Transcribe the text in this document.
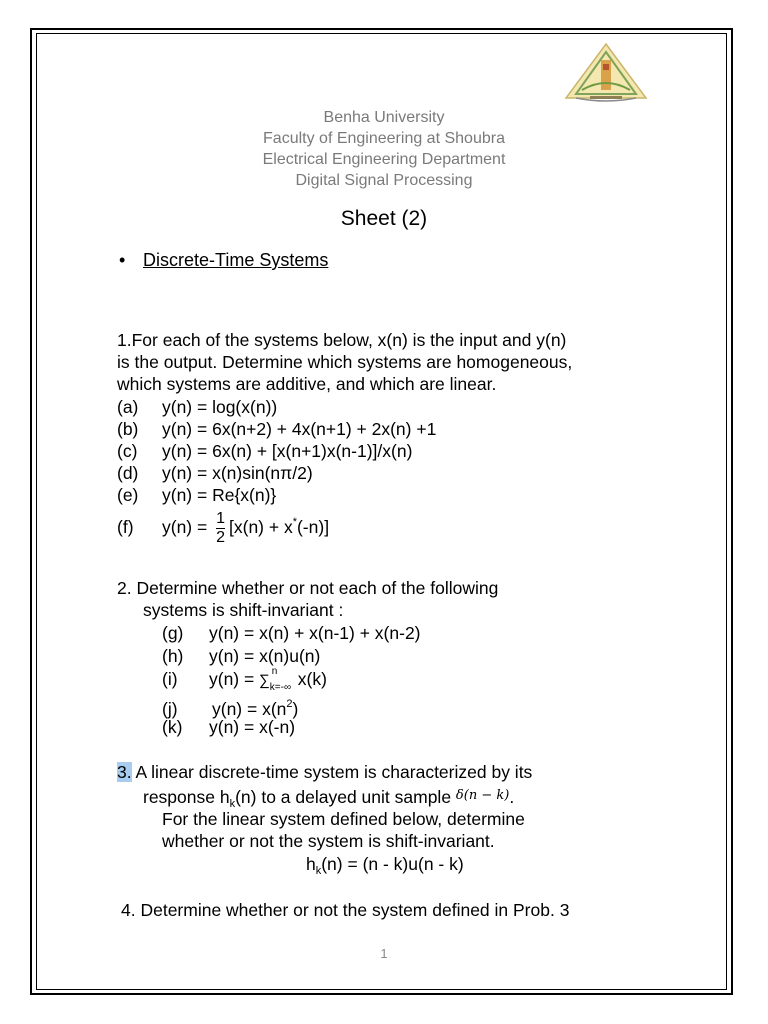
Benha University
Faculty of Engineering at Shoubra
Electrical Engineering Department
Digital Signal Processing
Sheet (2)
• Discrete-Time Systems
1.For each of the systems below, x(n) is the input and y(n)
is the output. Determine which systems are homogeneous,
which systems are additive, and which are linear.
(a) y(n) = log(x(n))
(b) y(n) = 6x(n+2) + 4x(n+1) + 2x(n) +1
(c) y(n) = 6x(n) + [x(n+1)x(n-1)]/x(n)
(d) y(n) = x(n)sin(nπ/2)
(e) y(n) = Re{x(n)}
(f) $y(n) = \frac{1}{2} [x(n) + x^*(-n)]$
2. Determine whether or not each of the following
systems is shift-invariant :
(g) y(n) = x(n) + x(n-1) + x(n-2)
(h) y(n) = x(n)u(n)
(i) y(n) = ∑
n
k=-∞ x(k)
(j) $y(n) = x(n^2)$
(k) y(n) = x(-n)
3. A linear discrete-time system is characterized by its
response $h_k(n)$ to a delayed unit sample $^{\delta(n - k)}$.
For the linear system defined below, determine
whether or not the system is shift-invariant.
$h_k(n) = (n - k)u(n - k)$
4. Determine whether or not the system defined in Prob. 3
1
